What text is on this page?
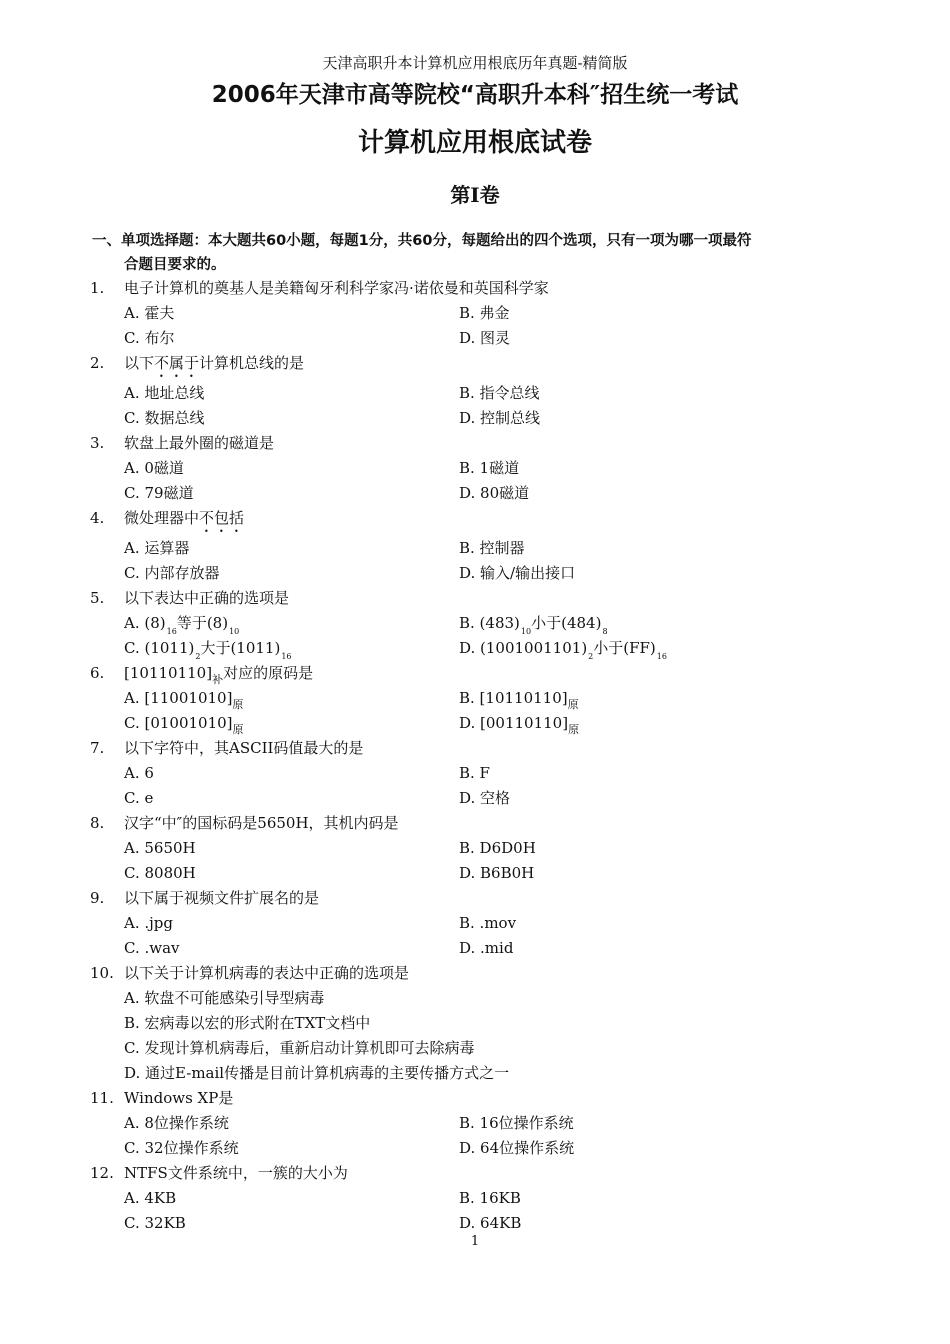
天津高职升本计算机应用根底历年真题-精简版
2006年天津市高等院校“高职升本科″招生统一考试
计算机应用根底试卷
第I卷
一、单项选择题：本大题共60小题，每题1分，共60分，每题给出的四个选项，只有一项为哪一项最符
合题目要求的。
1. 电子计算机的奠基人是美籍匈牙利科学家冯·诺依曼和英国科学家
A. 霍夫	B. 弗金
C. 布尔	D. 图灵
2. 以下不属于计算机总线的是
A. 地址总线	B. 指令总线
C. 数据总线	D. 控制总线
3. 软盘上最外圈的磁道是
A. 0磁道	B. 1磁道
C. 79磁道	D. 80磁道
4. 微处理器中不包括
A. 运算器	B. 控制器
C. 内部存放器	D. 输入/输出接口
5. 以下表达中正确的选项是
A. $(8)_{16}$等于$(8)_{10}$	B. $(483)_{10}$小于$(484)_8$
C. $(1011)_2$大于$(1011)_{16}$	D. $(1001001101)_2$小于$(FF)_{16}$
6. $[10110110]_补$对应的原码是
A. $[11001010]_原$	B. $[10110110]_原$
C. $[01001010]_原$	D. $[00110110]_原$
7. 以下字符中，其ASCII码值最大的是
A. 6	B. F
C. e	D. 空格
8. 汉字“中″的国标码是5650H，其机内码是
A. 5650H	B. D6D0H
C. 8080H	D. B6B0H
9. 以下属于视频文件扩展名的是
A. .jpg	B. .mov
C. .wav	D. .mid
10. 以下关于计算机病毒的表达中正确的选项是
A. 软盘不可能感染引导型病毒
B. 宏病毒以宏的形式附在TXT文档中
C. 发现计算机病毒后，重新启动计算机即可去除病毒
D. 通过E-mail传播是目前计算机病毒的主要传播方式之一
11. Windows XP是
A. 8位操作系统	B. 16位操作系统
C. 32位操作系统	D. 64位操作系统
12. NTFS文件系统中，一簇的大小为
A. 4KB	B. 16KB
C. 32KB	D. 64KB
1
